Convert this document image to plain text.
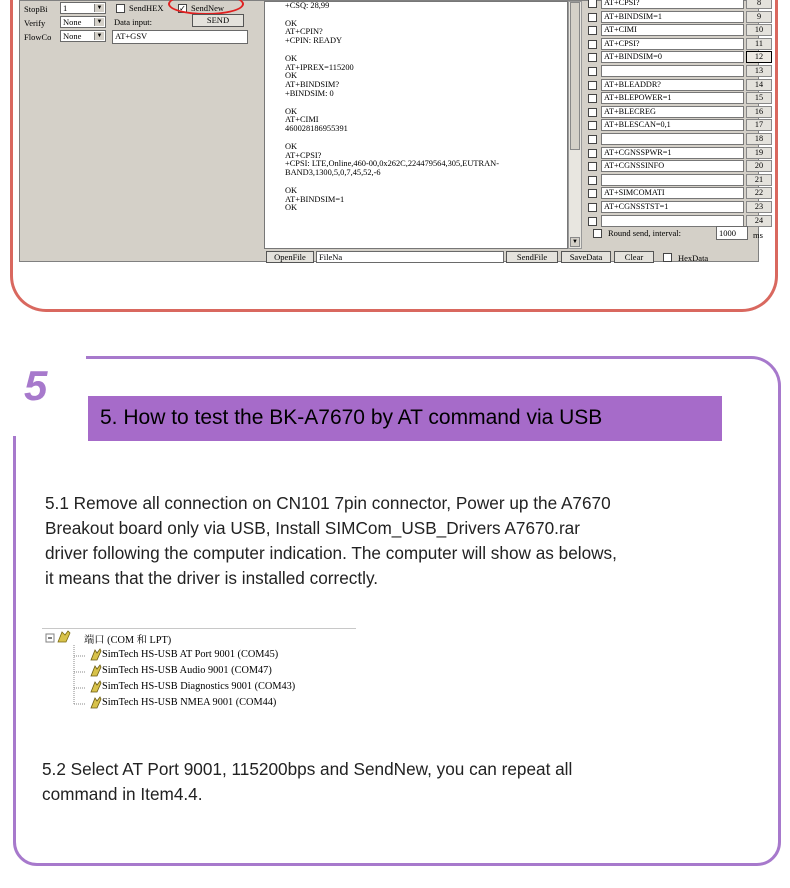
StopBi	1	▼
Verify	None	▼
FlowCo	None	▼
SendHEX ✓ SendNew
Data input:	SEND
AT+GSV
+CSQ: 28,99

OK
AT+CPIN?
+CPIN: READY

OK
AT+IPREX=115200
OK
AT+BINDSIM?
+BINDSIM: 0

OK
AT+CIMI
460028186955391

OK
AT+CPSI?
+CPSI: LTE,Online,460-00,0x262C,224479564,305,EUTRAN-
BAND3,1300,5,0,7,45,52,-6

OK
AT+BINDSIM=1
OK
▼
AT+CPSI?	8
AT+BINDSIM=1	9
AT+CIMI	10
AT+CPSI?	11
AT+BINDSIM=0	12
13
AT+BLEADDR?	14
AT+BLEPOWER=1	15
AT+BLECREG	16
AT+BLESCAN=0,1	17
18
AT+CGNSSPWR=1	19
AT+CGNSSINFO	20
21
AT+SIMCOMATI	22
AT+CGNSSTST=1	23
24
Round send, interval:	1000	ms
OpenFile	FileNa	SendFile	SaveData	Clear	HexData
5
5. How to test the BK-A7670 by AT command via USB
5.1 Remove all connection on CN101 7pin connector, Power up the A7670
Breakout board only via USB, Install SIMCom_USB_Drivers A7670.rar
driver following the computer indication. The computer will show as belows,
it means that the driver is installed correctly.
端口 (COM 和 LPT)
SimTech HS-USB AT Port 9001 (COM45)
SimTech HS-USB Audio 9001 (COM47)
SimTech HS-USB Diagnostics 9001 (COM43)
SimTech HS-USB NMEA 9001 (COM44)
5.2 Select AT Port 9001, 115200bps and SendNew, you can repeat all
command in Item4.4.
